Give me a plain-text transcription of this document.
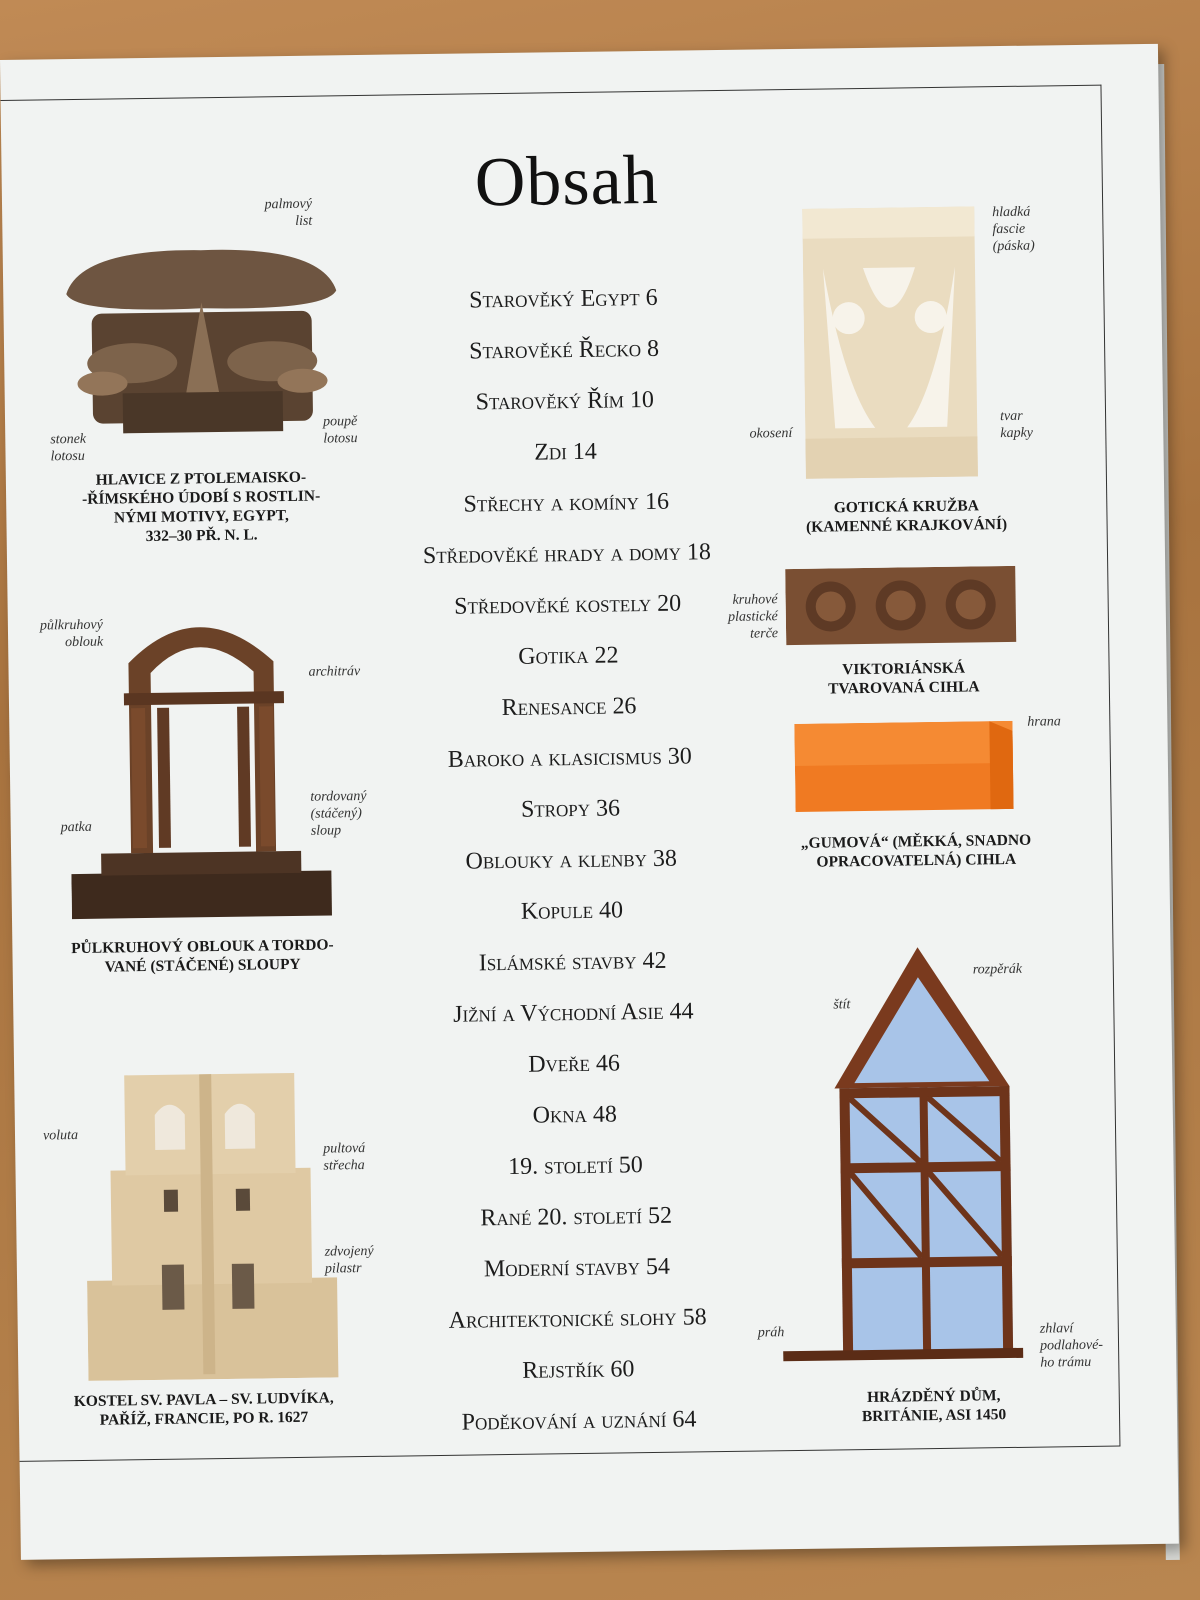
Obsah
Starověký Egypt 6
Starověké Řecko 8
Starověký Řím 10
Zdi 14
Střechy a komíny 16
Středověké hrady a domy 18
Středověké kostely 20
Gotika 22
Renesance 26
Baroko a klasicismus 30
Stropy 36
Oblouky a klenby 38
Kopule 40
Islámské stavby 42
Jižní a Východní Asie 44
Dveře 46
Okna 48
19. století 50
Rané 20. století 52
Moderní stavby 54
Architektonické slohy 58
Rejstřík 60
Poděkování a uznání 64
palmový
list
stonek
lotosu
poupě
lotosu
HLAVICE Z PTOLEMAISKO-
-ŘÍMSKÉHO ÚDOBÍ S ROSTLIN-
NÝMI MOTIVY, EGYPT,
332–30 PŘ. N. L.
půlkruhový
oblouk
architráv
tordovaný
(stáčený)
sloup
patka
PŮLKRUHOVÝ OBLOUK A TORDO-
VANÉ (STÁČENÉ) SLOUPY
voluta
pultová
střecha
zdvojený
pilastr
KOSTEL SV. PAVLA – SV. LUDVÍKA,
PAŘÍŽ, FRANCIE, PO R. 1627
hladká
fascie
(páska)
okosení
tvar
kapky
GOTICKÁ KRUŽBA
(KAMENNÉ KRAJKOVÁNÍ)
kruhové
plastické
terče
VIKTORIÁNSKÁ
TVAROVANÁ CIHLA
hrana
„GUMOVÁ“ (MĚKKÁ, SNADNO
OPRACOVATELNÁ) CIHLA
štít
rozpěrák
práh	zhlaví
podlahové-
ho trámu
HRÁZDĚNÝ DŮM,
BRITÁNIE, ASI 1450
